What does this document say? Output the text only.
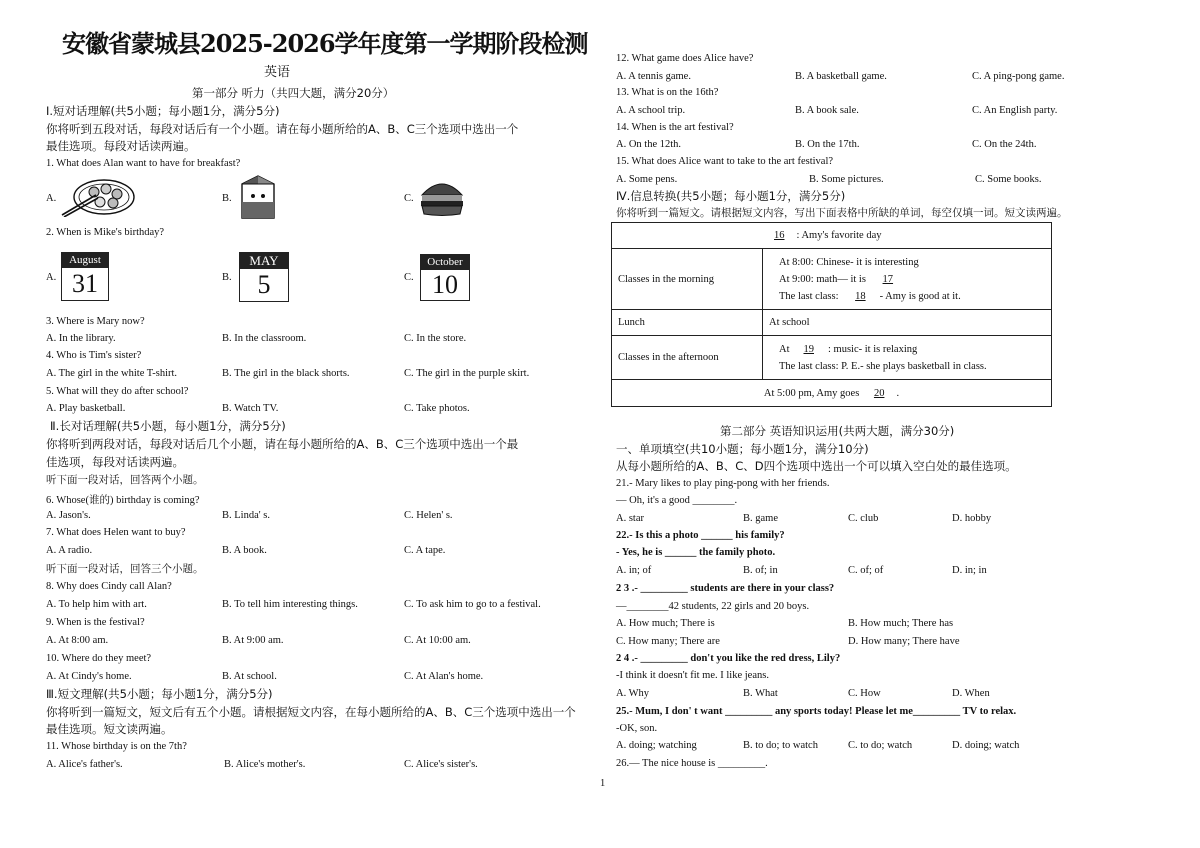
安徽省蒙城县2025-2026学年度第一学期阶段检测
英语
第一部分 听力（共四大题，满分20分）
Ⅰ.短对话理解(共5小题；每小题1分，满分5分)
你将听到五段对话，每段对话后有一个小题。请在每小题所给的A、B、C三个选项中选出一个
最佳选项。每段对话读两遍。
1. What does Alan want to have for breakfast?
A.	B.	C.
2. When is Mike's birthday?
A.
August
31	B.
MAY
5	C.
October
10
3. Where is Mary now?
A. In the library.	B. In the classroom.	C. In the store.
4. Who is Tim's sister?
A. The girl in the white T-shirt.	B. The girl in the black shorts.	C. The girl in the purple skirt.
5. What will they do after school?
A. Play basketball.	B. Watch TV.	C. Take photos.
Ⅱ.长对话理解(共5小题，每小题1分，满分5分)
你将听到两段对话，每段对话后几个小题，请在每小题所给的A、B、C三个选项中选出一个最
佳选项，每段对话读两遍。
听下面一段对话，回答两个小题。
6. Whose(谁的) birthday is coming?
A. Jason's.	B. Linda' s.	C. Helen' s.
7. What does Helen want to buy?
A. A radio.	B. A book.	C. A tape.
听下面一段对话，回答三个小题。
8. Why does Cindy call Alan?
A. To help him with art.	B. To tell him interesting things.	C. To ask him to go to a festival.
9. When is the festival?
A. At 8:00 am.	B. At 9:00 am.	C. At 10:00 am.
10. Where do they meet?
A. At Cindy's home.	B. At school.	C. At Alan's home.
Ⅲ.短文理解(共5小题；每小题1分，满分5分)
你将听到一篇短文，短文后有五个小题。请根据短文内容，在每小题所给的A、B、C三个选项中选出一个
最佳选项。短文读两遍。
11. Whose birthday is on the 7th?
A. Alice's father's.	B. Alice's mother's.	C. Alice's sister's.
12. What game does Alice have?
A. A tennis game.	B. A basketball game.	C. A ping-pong game.
13. What is on the 16th?
A. A school trip.	B. A book sale.	C. An English party.
14. When is the art festival?
A. On the 12th.	B. On the 17th.	C. On the 24th.
15. What does Alice want to take to the art festival?
A. Some pens.	B. Some pictures.	C. Some books.
Ⅳ.信息转换(共5小题；每小题1分，满分5分)
你将听到一篇短文。请根据短文内容，写出下面表格中所缺的单词，每空仅填一词。短文读两遍。
16 : Amy's favorite day	
Classes in the morning	At 8:00: Chinese- it is interesting
At 9:00: math— it is 17
The last class: 18 - Amy is good at it.

Lunch	At school
Classes in the afternoon	At 19 : music- it is relaxing
The last class: P. E.- she plays basketball in class.

At 5:00 pm, Amy goes 20 .	
第二部分 英语知识运用(共两大题，满分30分)
一、单项填空(共10小题；每小题1分，满分10分)
从每小题所给的A、B、C、D四个选项中选出一个可以填入空白处的最佳选项。
21.- Mary likes to play ping-pong with her friends.
— Oh, it's a good ________.
A. star	B. game	C. club	D. hobby
22.- Is this a photo ______ his family?
- Yes, he is ______ the family photo.
A. in; of	B. of; in	C. of; of	D. in; in
2 3 .- _________ students are there in your class?
—________42 students, 22 girls and 20 boys.
A. How much; There is	B. How much; There has
C. How many; There are	D. How many; There have
2 4 .- _________ don't you like the red dress, Lily?
-I think it doesn't fit me. I like jeans.
A. Why	B. What	C. How	D. When
25.- Mum, I don' t want _________ any sports today! Please let me_________ TV to relax.
-OK, son.
A. doing; watching	B. to do; to watch	C. to do; watch	D. doing; watch
26.— The nice house is _________.
1
